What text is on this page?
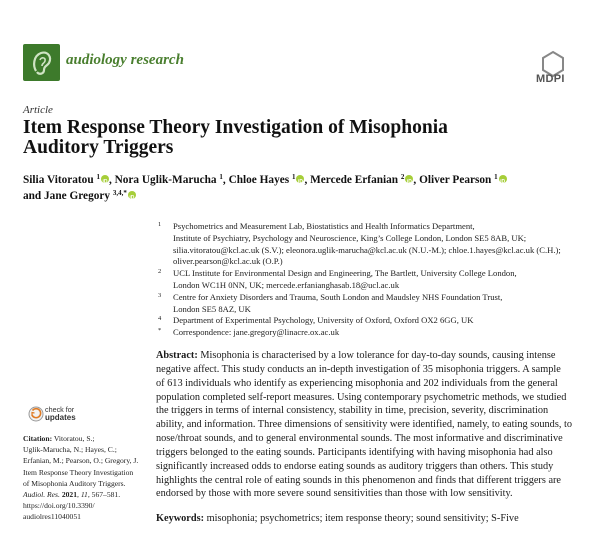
audiology research
MDPI
Article
Item Response Theory Investigation of Misophonia
Auditory Triggers
Silia Vitoratou $^1$ iD , Nora Uglik-Marucha $^1$, Chloe Hayes $^1$ iD , Mercede Erfanian $^2$ iD , Oliver Pearson $^1$iD
and Jane Gregory $^{3,4,*}$iD
1 Psychometrics and Measurement Lab, Biostatistics and Health Informatics Department,
Institute of Psychiatry, Psychology and Neuroscience, King’s College London, London SE5 8AB, UK;
silia.vitoratou@kcl.ac.uk (S.V.); eleonora.uglik-marucha@kcl.ac.uk (N.U.-M.); chloe.1.hayes@kcl.ac.uk (C.H.);
oliver.pearson@kcl.ac.uk (O.P.)
2 UCL Institute for Environmental Design and Engineering, The Bartlett, University College London,
London WC1H 0NN, UK; mercede.erfanianghasab.18@ucl.ac.uk
3 Centre for Anxiety Disorders and Trauma, South London and Maudsley NHS Foundation Trust,
London SE5 8AZ, UK
4 Department of Experimental Psychology, University of Oxford, Oxford OX2 6GG, UK
* Correspondence: jane.gregory@linacre.ox.ac.uk
check for
updates
Citation: Vitoratou, S.;
Uglik-Marucha, N.; Hayes, C.;
Erfanian, M.; Pearson, O.; Gregory, J.
Item Response Theory Investigation
of Misophonia Auditory Triggers.
Audiol. Res. 2021, 11, 567–581.
https://doi.org/10.3390/
audiolres11040051
Abstract: Misophonia is characterised by a low tolerance for day-to-day sounds, causing intense
negative affect. This study conducts an in-depth investigation of 35 misophonia triggers. A sample
of 613 individuals who identify as experiencing misophonia and 202 individuals from the general
population completed self-report measures. Using contemporary psychometric methods, we studied
the triggers in terms of internal consistency, stability in time, precision, severity, discrimination
ability, and information. Three dimensions of sensitivity were identified, namely, to eating sounds, to
nose/throat sounds, and to general environmental sounds. The most informative and discriminative
triggers belonged to the eating sounds. Participants identifying with having misophonia had also
significantly increased odds to endorse eating sounds as auditory triggers than others. This study
highlights the central role of eating sounds in this phenomenon and finds that different triggers are
endorsed by those with more severe sound sensitivities than those with low sensitivity.
Keywords: misophonia; psychometrics; item response theory; sound sensitivity; S-Five
